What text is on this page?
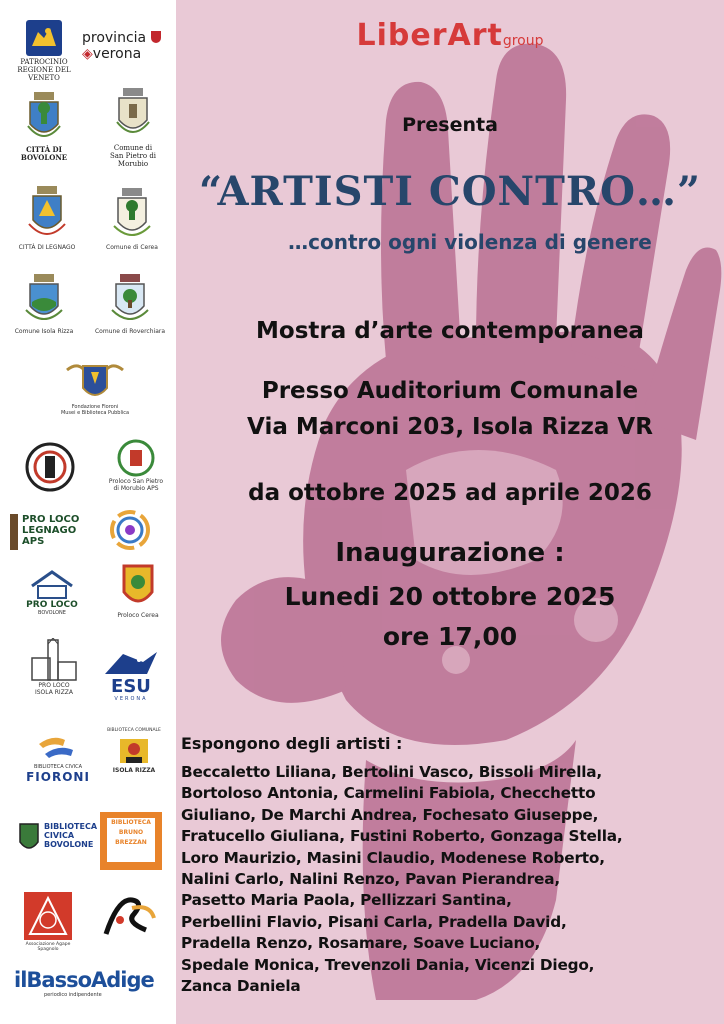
PATROCINIO
REGIONE DEL VENETO
provincia
◈verona
CITTÀ DI
BOVOLONE
Comune di
San Pietro di Morubio
CITTÀ DI LEGNAGO	Comune di Cerea
Comune Isola Rizza	Comune di Roverchiara
Fondazione Fioroni
Musei e Biblioteca Pubblica
Proloco San Pietro
di Morubio APS
PRO LOCO
LEGNAGO
APS
PRO LOCO
BOVOLONE	Proloco Cerea
PRO LOCO
ISOLA RIZZA	ESU
VERONA
BIBLIOTECA CIVICA
FIORONI
BIBLIOTECA COMUNALE
ISOLA RIZZA
BIBLIOTECA
CIVICA
BOVOLONE
BIBLIOTECA
BRUNO
BREZZAN
Associazione Agape Spagnolo
ilBassoAdige
periodico indipendente
LiberArtgroup
Presenta
“ARTISTI CONTRO…”
…contro ogni violenza di genere
Mostra d’arte contemporanea
Presso Auditorium Comunale
Via Marconi 203, Isola Rizza VR
da ottobre 2025 ad aprile 2026
Inaugurazione :
Lunedi 20 ottobre 2025
ore 17,00
Espongono degli artisti :
Beccaletto Liliana, Bertolini Vasco, Bissoli Mirella,
Bortoloso Antonia, Carmelini Fabiola, Checchetto
Giuliano, De Marchi Andrea, Fochesato Giuseppe,
Fratucello Giuliana, Fustini Roberto, Gonzaga Stella,
Loro Maurizio, Masini Claudio, Modenese Roberto,
Nalini Carlo, Nalini Renzo, Pavan Pierandrea,
Pasetto Maria Paola, Pellizzari Santina,
Perbellini Flavio, Pisani Carla, Pradella David,
Pradella Renzo, Rosamare, Soave Luciano,
Spedale Monica, Trevenzoli Dania, Vicenzi Diego,
Zanca Daniela
